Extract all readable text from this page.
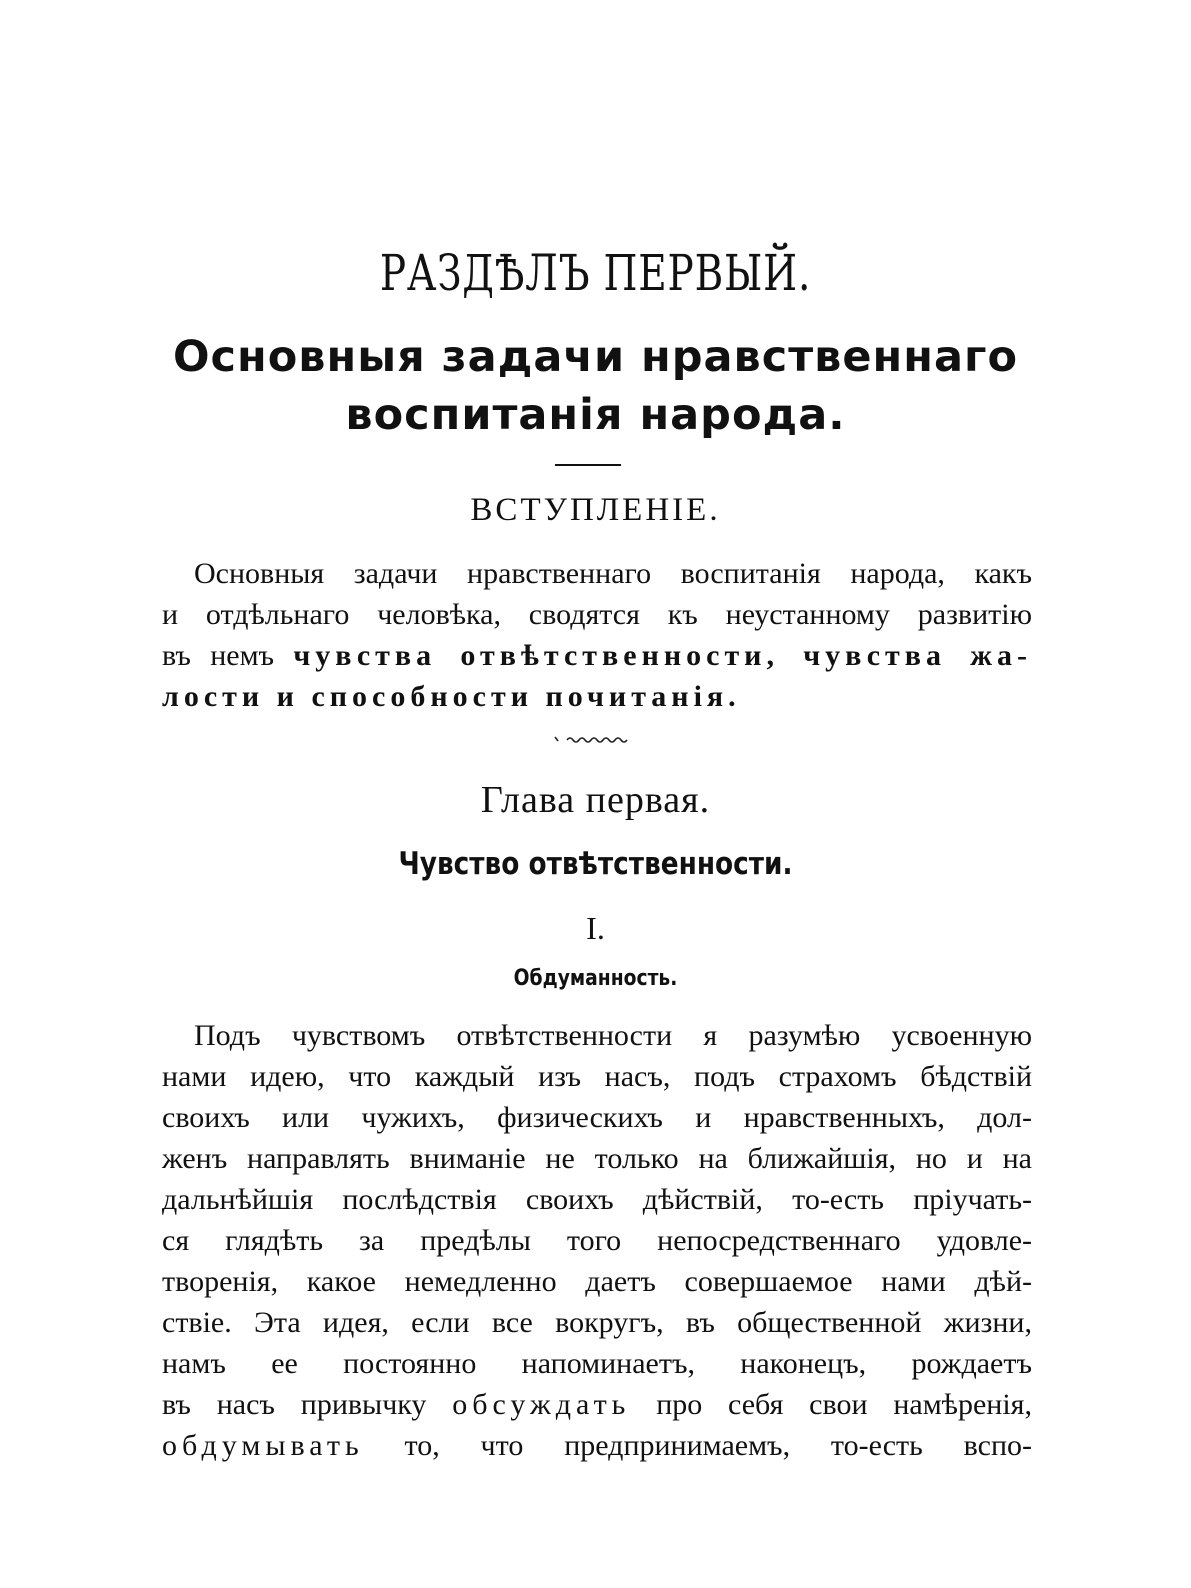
РАЗДѢЛЪ ПЕРВЫЙ.
Основныя задачи нравственнаго
воспитанія народа.
ВСТУПЛЕНІЕ.
Основныя задачи нравственнаго воспитанія народа, какъ
и отдѣльнаго человѣка, сводятся къ неустанному развитію
въ немъ чувства отвѣтственности, чувства жа-
лости и способности почитанія.
Глава первая.
Чувство отвѣтственности.
I.
Обдуманность.
Подъ чувствомъ отвѣтственности я разумѣю усвоенную
нами идею, что каждый изъ насъ, подъ страхомъ бѣдствій
своихъ или чужихъ, физическихъ и нравственныхъ, дол-
женъ направлять вниманіе не только на ближайшія, но и на
дальнѣйшія послѣдствія своихъ дѣйствій, то-есть пріучать-
ся глядѣть за предѣлы того непосредственнаго удовле-
творенія, какое немедленно даетъ совершаемое нами дѣй-
ствіе. Эта идея, если все вокругъ, въ общественной жизни,
намъ ее постоянно напоминаетъ, наконецъ, рождаетъ
въ насъ привычку обсуждать про себя свои намѣренія,
обдумывать то, что предпринимаемъ, то-есть вспо-
